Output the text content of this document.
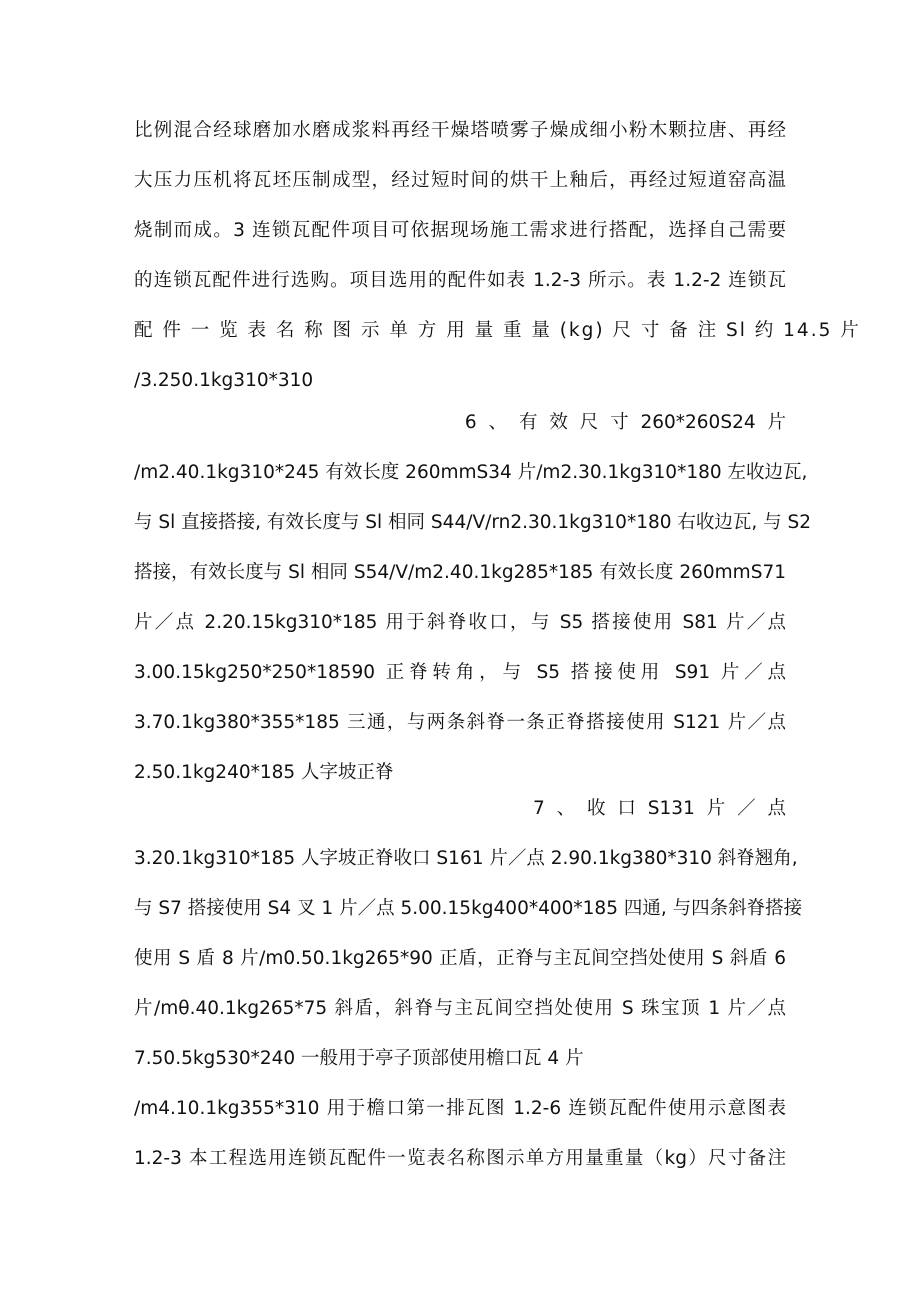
比例混合经球磨加水磨成浆料再经干燥塔喷雾子燥成细小粉木颗拉唐、再经
大压力压机将瓦坯压制成型，经过短时间的烘干上釉后，再经过短道窑高温
烧制而成。3 连锁瓦配件项目可依据现场施工需求进行搭配，选择自己需要
的连锁瓦配件进行选购。项目选用的配件如表 1.2-3 所示。表 1.2-2 连锁瓦
配 件 一 览 表 名 称 图 示 单 方 用 量 重 量 (kg) 尺 寸 备 注 Sl 约 14.5 片
∕3.250.1kg310*310
6 、 有 效 尺 寸 260*260S24 片
∕m2.40.1kg310*245 有效长度 260mmS34 片∕m2.30.1kg310*180 左收边瓦,
与 Sl 直接搭接, 有效长度与 Sl 相同 S44∕V∕rn2.30.1kg310*180 右收边瓦, 与 S2
搭接，有效长度与 Sl 相同 S54∕V∕m2.40.1kg285*185 有效长度 260mmS71
片／点 2.20.15kg310*185 用于斜脊收口，与 S5 搭接使用 S81 片／点
3.00.15kg250*250*18590 正脊转角，与 S5 搭接使用 S91 片／点
3.70.1kg380*355*185 三通，与两条斜脊一条正脊搭接使用 S121 片／点
2.50.1kg240*185 人字坡正脊
7 、 收 口 S131 片 ／ 点
3.20.1kg310*185 人字坡正脊收口 S161 片／点 2.90.1kg380*310 斜脊翘角,
与 S7 搭接使用 S4 叉 1 片／点 5.00.15kg400*400*185 四通, 与四条斜脊搭接
使用 S 盾 8 片∕m0.50.1kg265*90 正盾，正脊与主瓦间空挡处使用 S 斜盾 6
片∕mθ.40.1kg265*75 斜盾，斜脊与主瓦间空挡处使用 S 珠宝顶 1 片／点
7.50.5kg530*240 一般用于亭子顶部使用檐口瓦 4 片
∕m4.10.1kg355*310 用于檐口第一排瓦图 1.2-6 连锁瓦配件使用示意图表
1.2-3 本工程选用连锁瓦配件一览表名称图示单方用量重量（kg）尺寸备注
